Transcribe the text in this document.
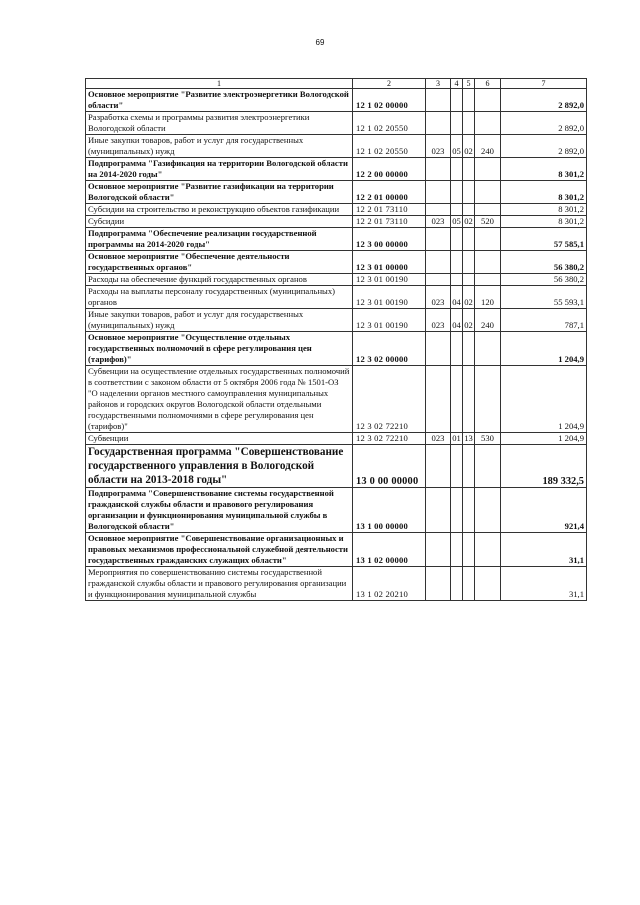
69
1	2	3	4	5	6	7
Основное мероприятие "Развитие электроэнергетики Вологодской области"	12 1 02 00000					2 892,0
Разработка схемы и программы развития электроэнергетики Вологодской области	12 1 02 20550					2 892,0
Иные закупки товаров, работ и услуг для государственных (муниципальных) нужд	12 1 02 20550	023	05	02	240	2 892,0
Подпрограмма "Газификация на территории Вологодской области на 2014-2020 годы"	12 2 00 00000					8 301,2
Основное мероприятие "Развитие газификации на территории Вологодской области"	12 2 01 00000					8 301,2
Субсидии на строительство и реконструкцию объектов газификации	12 2 01 73110					8 301,2
Субсидии	12 2 01 73110	023	05	02	520	8 301,2
Подпрограмма "Обеспечение реализации государственной программы на 2014-2020 годы"	12 3 00 00000					57 585,1
Основное мероприятие "Обеспечение деятельности государственных органов"	12 3 01 00000					56 380,2
Расходы на обеспечение функций государственных органов	12 3 01 00190					56 380,2
Расходы на выплаты персоналу государственных (муниципальных) органов	12 3 01 00190	023	04	02	120	55 593,1
Иные закупки товаров, работ и услуг для государственных (муниципальных) нужд	12 3 01 00190	023	04	02	240	787,1
Основное мероприятие "Осуществление отдельных государственных полномочий в сфере регулирования цен (тарифов)"	12 3 02 00000					1 204,9
Субвенции на осуществление отдельных государственных полномочий в соответствии с законом области от 5 октября 2006 года № 1501-ОЗ "О наделении органов местного самоуправления муниципальных районов и городских округов Вологодской области отдельными государственными полномочиями в сфере регулирования цен (тарифов)"	12 3 02 72210					1 204,9
Субвенции	12 3 02 72210	023	01	13	530	1 204,9
Государственная программа "Совершенствование государственного управления в Вологодской области на 2013-2018 годы"	13 0 00 00000					189 332,5
Подпрограмма "Совершенствование системы государственной гражданской службы области и правового регулирования организации и функционирования муниципальной службы в Вологодской области"	13 1 00 00000					921,4
Основное мероприятие "Совершенствование организационных и правовых механизмов профессиональной служебной деятельности государственных гражданских служащих области"	13 1 02 00000					31,1
Мероприятия по совершенствованию системы государственной гражданской службы области и правового регулирования организации и функционирования муниципальной службы	13 1 02 20210					31,1
